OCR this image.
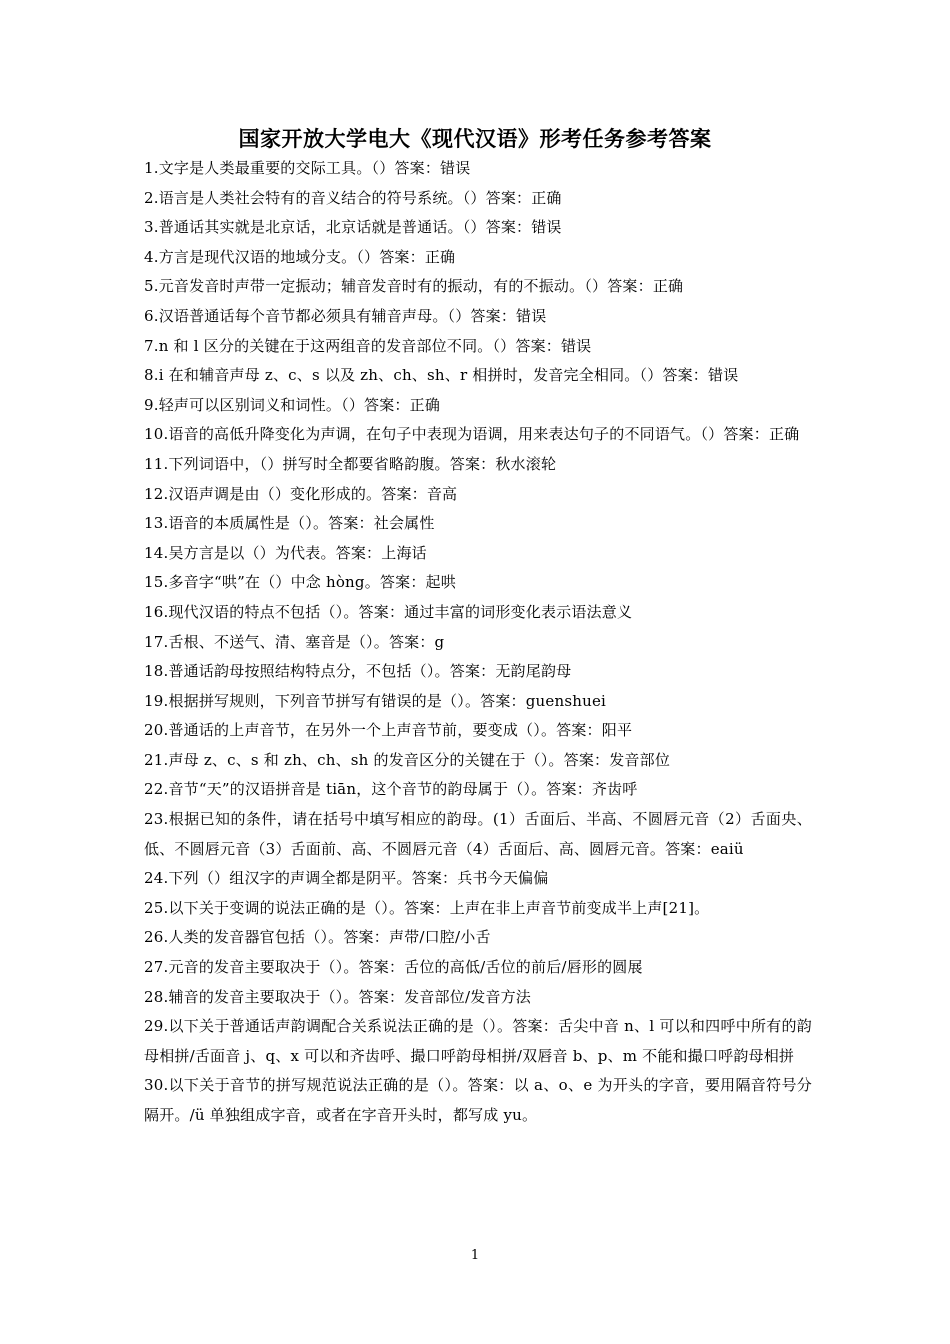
国家开放大学电大《现代汉语》形考任务参考答案
1.文字是人类最重要的交际工具。（）答案：错误
2.语言是人类社会特有的音义结合的符号系统。（）答案：正确
3.普通话其实就是北京话，北京话就是普通话。（）答案：错误
4.方言是现代汉语的地域分支。（）答案：正确
5.元音发音时声带一定振动；辅音发音时有的振动，有的不振动。（）答案：正确
6.汉语普通话每个音节都必须具有辅音声母。（）答案：错误
7.n 和 l 区分的关键在于这两组音的发音部位不同。（）答案：错误
8.i 在和辅音声母 z、c、s 以及 zh、ch、sh、r 相拼时，发音完全相同。（）答案：错误
9.轻声可以区别词义和词性。（）答案：正确
10.语音的高低升降变化为声调，在句子中表现为语调，用来表达句子的不同语气。（）答案：正确
11.下列词语中，（）拼写时全都要省略韵腹。答案：秋水滚轮
12.汉语声调是由（）变化形成的。答案：音高
13.语音的本质属性是（）。答案：社会属性
14.吴方言是以（）为代表。答案：上海话
15.多音字“哄”在（）中念 hòng。答案：起哄
16.现代汉语的特点不包括（）。答案：通过丰富的词形变化表示语法意义
17.舌根、不送气、清、塞音是（）。答案：g
18.普通话韵母按照结构特点分，不包括（）。答案：无韵尾韵母
19.根据拼写规则，下列音节拼写有错误的是（）。答案：guenshuei
20.普通话的上声音节，在另外一个上声音节前，要变成（）。答案：阳平
21.声母 z、c、s 和 zh、ch、sh 的发音区分的关键在于（）。答案：发音部位
22.音节“天”的汉语拼音是 tiān，这个音节的韵母属于（）。答案：齐齿呼
23.根据已知的条件，请在括号中填写相应的韵母。(1）舌面后、半高、不圆唇元音（2）舌面央、低、不圆唇元音（3）舌面前、高、不圆唇元音（4）舌面后、高、圆唇元音。答案：eaiü
24.下列（）组汉字的声调全都是阴平。答案：兵书今天偏偏
25.以下关于变调的说法正确的是（）。答案：上声在非上声音节前变成半上声[21]。
26.人类的发音器官包括（）。答案：声带/口腔/小舌
27.元音的发音主要取决于（）。答案：舌位的高低/舌位的前后/唇形的圆展
28.辅音的发音主要取决于（）。答案：发音部位/发音方法
29.以下关于普通话声韵调配合关系说法正确的是（）。答案：舌尖中音 n、l 可以和四呼中所有的韵母相拼/舌面音 j、q、x 可以和齐齿呼、撮口呼韵母相拼/双唇音 b、p、m 不能和撮口呼韵母相拼
30.以下关于音节的拼写规范说法正确的是（）。答案：以 a、o、e 为开头的字音，要用隔音符号分隔开。/ü 单独组成字音，或者在字音开头时，都写成 yu。
1
